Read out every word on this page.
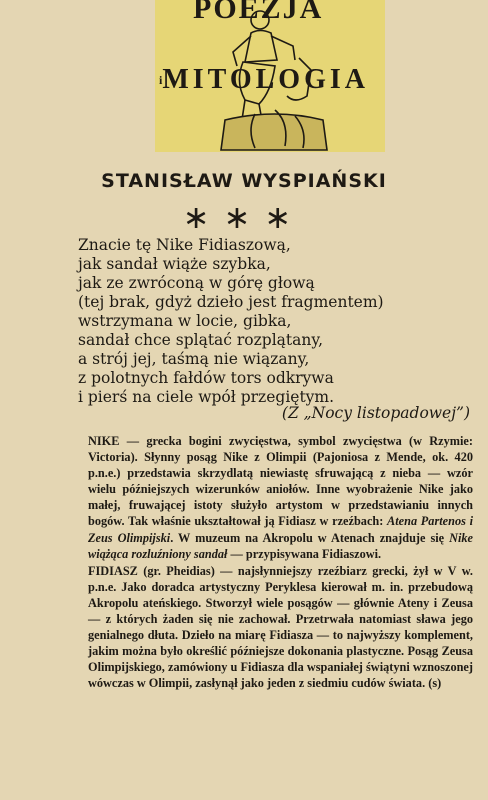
POEZJA
iMITOLOGIA
STANISŁAW WYSPIAŃSKI
∗∗∗
Znacie tę Nike Fidiaszową,
jak sandał wiąże szybka,
jak ze zwróconą w górę głową
(tej brak, gdyż dzieło jest fragmentem)
wstrzymana w locie, gibka,
sandał chce splątać rozplątany,
a strój jej, taśmą nie wiązany,
z polotnych fałdów tors odkrywa
i pierś na ciele wpół przegiętym.
(Z „Nocy listopadowej”)

NIKE — grecka bogini zwycięstwa, symbol zwycięstwa (w Rzymie: Victoria). Słynny posąg Nike z Olimpii (Pajoniosa z Mende, ok. 420 p.n.e.) przedstawia skrzydlatą niewiastę sfruwającą z nieba — wzór wielu późniejszych wizerunków aniołów. Inne wyobrażenie Nike jako małej, fruwającej istoty służyło artystom w przedstawianiu innych bogów. Tak właśnie ukształtował ją Fidiasz w rzeźbach: Atena Partenos i Zeus Olimpijski. W muzeum na Akropolu w Atenach znajduje się Nike wiążąca rozluźniony sandał — przypisywana Fidiaszowi.

FIDIASZ (gr. Pheidias) — najsłynniejszy rzeźbiarz grecki, żył w V w. p.n.e. Jako doradca artystyczny Peryklesa kierował m. in. przebudową Akropolu ateńskiego. Stworzył wiele posągów — głównie Ateny i Zeusa — z których żaden się nie zachował. Przetrwała natomiast sława jego genialnego dłuta. Dzieło na miarę Fidiasza — to najwyższy komplement, jakim można było określić późniejsze dokonania plastyczne. Posąg Zeusa Olimpijskiego, zamówiony u Fidiasza dla wspaniałej świątyni wznoszonej wówczas w Olimpii, zasłynął jako jeden z siedmiu cudów świata. (s)
